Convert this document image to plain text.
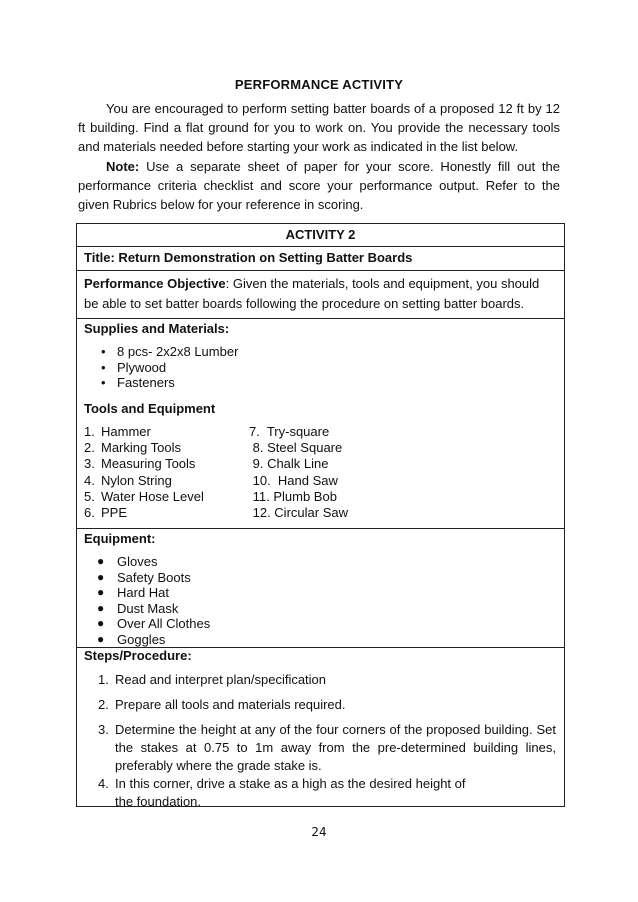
PERFORMANCE ACTIVITY
You are encouraged to perform setting batter boards of a proposed 12 ft by 12 ft building. Find a flat ground for you to work on. You provide the necessary tools and materials needed before starting your work as indicated in the list below.
Note: Use a separate sheet of paper for your score. Honestly fill out the performance criteria checklist and score your performance output. Refer to the given Rubrics below for your reference in scoring.
ACTIVITY 2
Title: Return Demonstration on Setting Batter Boards
Performance Objective: Given the materials, tools and equipment, you should be able to set batter boards following the procedure on setting batter boards.
Supplies and Materials:
• 8 pcs- 2x2x8 Lumber
• Plywood
• Fasteners
Tools and Equipment
1. Hammer
2. Marking Tools
3. Measuring Tools
4. Nylon String
5. Water Hose Level
6. PPE
7.  Try-square
8. Steel Square
9. Chalk Line
10.  Hand Saw
11. Plumb Bob
12. Circular Saw
Equipment:
● Gloves
● Safety Boots
● Hard Hat
● Dust Mask
● Over All Clothes
● Goggles
Steps/Procedure:
1. Read and interpret plan/specification
2. Prepare all tools and materials required.
3. Determine the height at any of the four corners of the proposed building. Set the stakes at 0.75 to 1m away from the pre-determined building lines, preferably where the grade stake is.
4. In this corner, drive a stake as a high as the desired height of the foundation.
24
